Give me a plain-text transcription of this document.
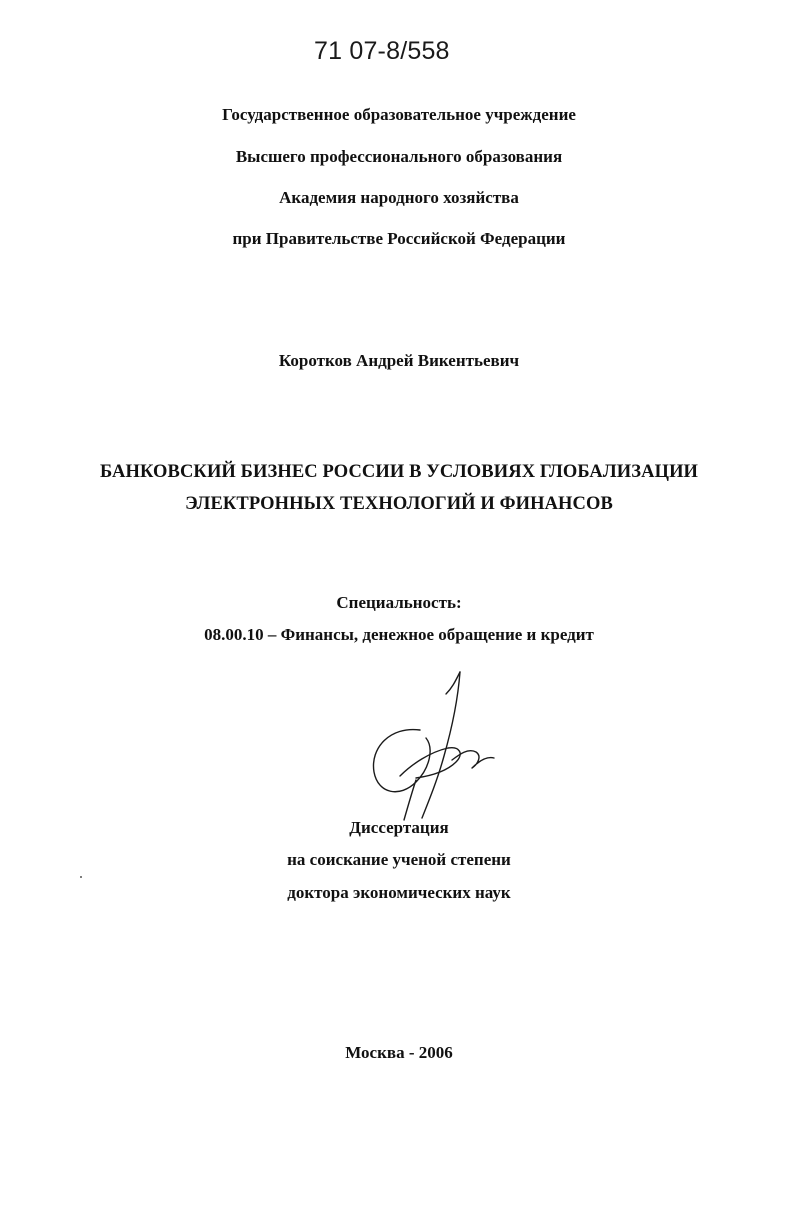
71 07-8/558
Государственное образовательное учреждение
Высшего профессионального образования
Академия народного хозяйства
при Правительстве Российской Федерации
Коротков Андрей Викентьевич
БАНКОВСКИЙ БИЗНЕС РОССИИ В УСЛОВИЯХ ГЛОБАЛИЗАЦИИ
ЭЛЕКТРОННЫХ ТЕХНОЛОГИЙ И ФИНАНСОВ
Специальность:
08.00.10 – Финансы, денежное обращение и кредит
Диссертация
на соискание ученой степени
доктора экономических наук
Москва - 2006
